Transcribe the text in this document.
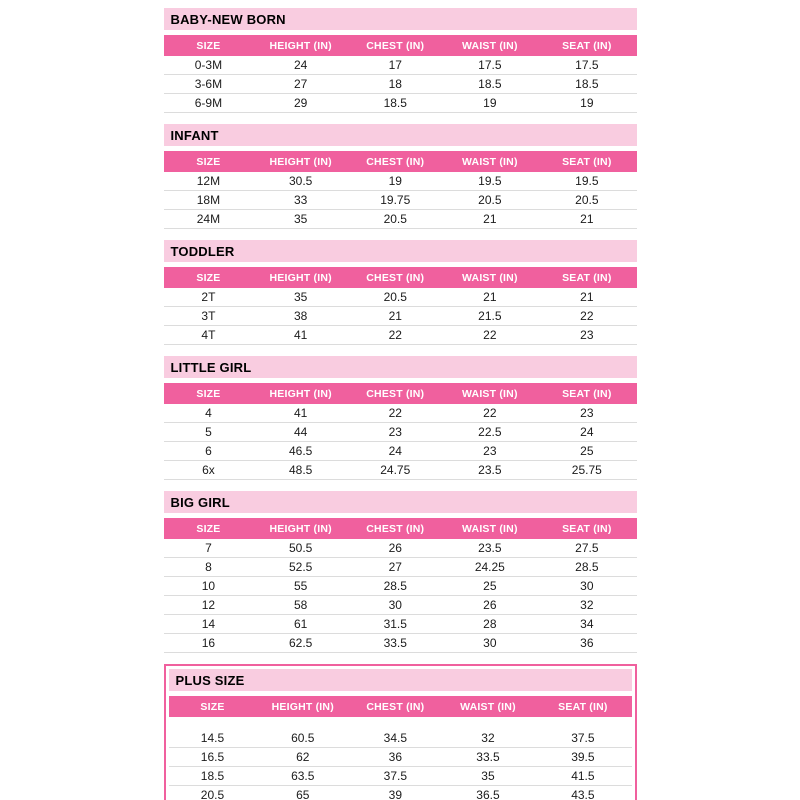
BABY-NEW BORN
SIZE	HEIGHT (IN)	CHEST (IN)	WAIST (IN)	SEAT (IN)
0-3M	24	17	17.5	17.5
3-6M	27	18	18.5	18.5
6-9M	29	18.5	19	19
INFANT
SIZE	HEIGHT (IN)	CHEST (IN)	WAIST (IN)	SEAT (IN)
12M	30.5	19	19.5	19.5
18M	33	19.75	20.5	20.5
24M	35	20.5	21	21
TODDLER
SIZE	HEIGHT (IN)	CHEST (IN)	WAIST (IN)	SEAT (IN)
2T	35	20.5	21	21
3T	38	21	21.5	22
4T	41	22	22	23
LITTLE GIRL
SIZE	HEIGHT (IN)	CHEST (IN)	WAIST (IN)	SEAT (IN)
4	41	22	22	23
5	44	23	22.5	24
6	46.5	24	23	25
6x	48.5	24.75	23.5	25.75
BIG GIRL
SIZE	HEIGHT (IN)	CHEST (IN)	WAIST (IN)	SEAT (IN)
7	50.5	26	23.5	27.5
8	52.5	27	24.25	28.5
10	55	28.5	25	30
12	58	30	26	32
14	61	31.5	28	34
16	62.5	33.5	30	36
PLUS SIZE
SIZE	HEIGHT (IN)	CHEST (IN)	WAIST (IN)	SEAT (IN)
14.5	60.5	34.5	32	37.5
16.5	62	36	33.5	39.5
18.5	63.5	37.5	35	41.5
20.5	65	39	36.5	43.5
